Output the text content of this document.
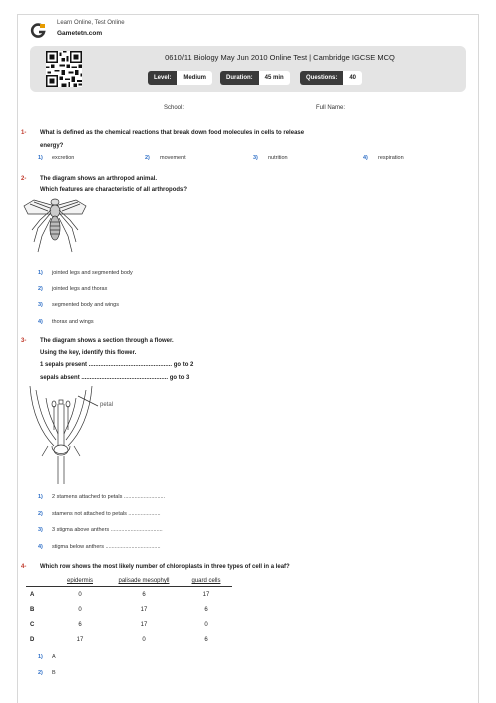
Learn Online, Test Online
Gametetn.com
0610/11 Biology May Jun 2010 Online Test | Cambridge IGCSE MCQ
Level:	Medium	Duration:	45 min	Questions:	40
School:	Full Name:
1- What is defined as the chemical reactions that break down food molecules in cells to release
energy?
1) excretion	2) movement	3) nutrition	4) respiration
2- The diagram shows an arthropod animal.
Which features are characteristic of all arthropods?
1) jointed legs and segmented body
2) jointed legs and thorax
3) segmented body and wings
4) thorax and wings
3- The diagram shows a section through a flower.
Using the key, identify this flower.
1 sepals present .................................................. go to 2
sepals absent .................................................... go to 3
petal
1) 2 stamens attached to petals ...........................
2) stamens not attached to petals .....................
3) 3 stigma above anthers ..................................
4) stigma below anthers ....................................
4- Which row shows the most likely number of chloroplasts in three types of cell in a leaf?
	epidermis	palisade mesophyll	guard cells
A	0	6	17
B	0	17	6
C	6	17	0
D	17	0	6
1) A
2) B
